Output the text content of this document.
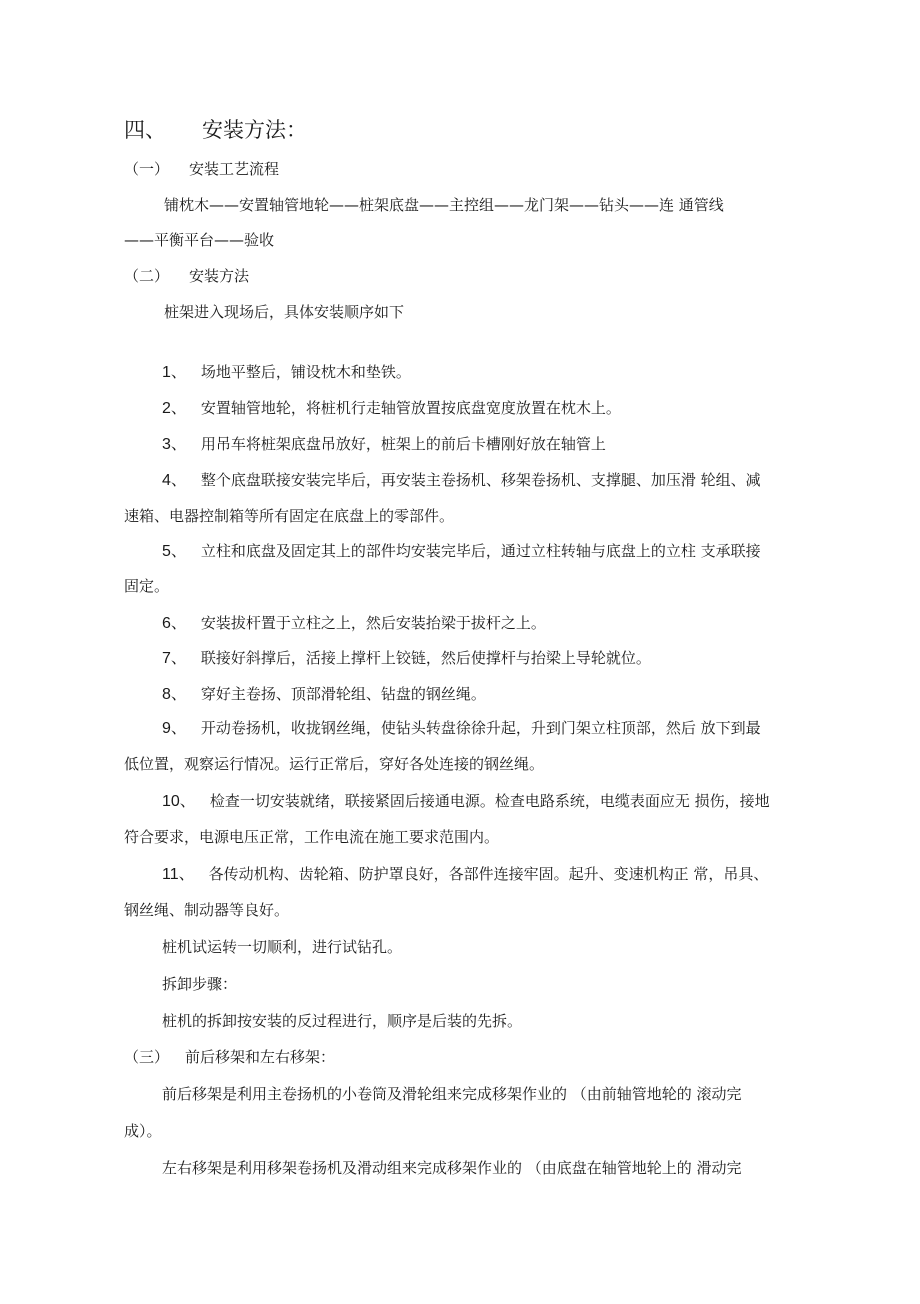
四、 安装方法：
（一） 安装工艺流程
铺枕木——安置轴管地轮——桩架底盘——主控组——龙门架——钻头——连 通管线
——平衡平台——验收
（二） 安装方法
桩架进入现场后，具体安装顺序如下
1、 场地平整后，铺设枕木和垫铁。
2、 安置轴管地轮，将桩机行走轴管放置按底盘宽度放置在枕木上。
3、 用吊车将桩架底盘吊放好，桩架上的前后卡槽刚好放在轴管上
4、 整个底盘联接安装完毕后，再安装主卷扬机、移架卷扬机、支撑腿、加压滑 轮组、减
速箱、电器控制箱等所有固定在底盘上的零部件。
5、 立柱和底盘及固定其上的部件均安装完毕后，通过立柱转轴与底盘上的立柱 支承联接
固定。
6、 安装拔杆置于立柱之上，然后安装抬梁于拔杆之上。
7、 联接好斜撑后，活接上撑杆上铰链，然后使撑杆与抬梁上导轮就位。
8、 穿好主卷扬、顶部滑轮组、钻盘的钢丝绳。
9、 开动卷扬机，收拢钢丝绳，使钻头转盘徐徐升起，升到门架立柱顶部，然后 放下到最
低位置，观察运行情况。运行正常后，穿好各处连接的钢丝绳。
10、 检查一切安装就绪，联接紧固后接通电源。检查电路系统，电缆表面应无 损伤，接地
符合要求，电源电压正常，工作电流在施工要求范围内。
11、 各传动机构、齿轮箱、防护罩良好，各部件连接牢固。起升、变速机构正 常，吊具、
钢丝绳、制动器等良好。
桩机试运转一切顺利，进行试钻孔。
拆卸步骤：
桩机的拆卸按安装的反过程进行，顺序是后装的先拆。
（三） 前后移架和左右移架：
前后移架是利用主卷扬机的小卷筒及滑轮组来完成移架作业的 （由前轴管地轮的 滚动完
成）。
左右移架是利用移架卷扬机及滑动组来完成移架作业的 （由底盘在轴管地轮上的 滑动完
